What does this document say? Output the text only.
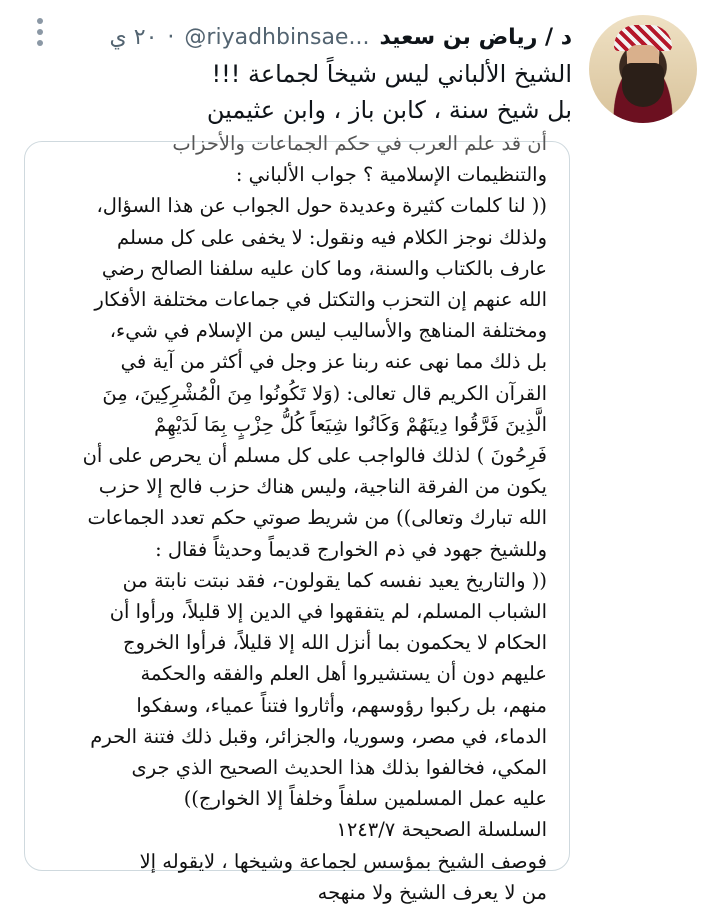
د / رياض بن سعيد
@riyadhbinsae...
·
٢٠ ي
الشيخ الألباني ليس شيخاً لجماعة !!!
بل شيخ سنة ، كابن باز ، وابن عثيمين
أن قد علم العرب في حكم الجماعات والأحزاب
والتنظيمات الإسلامية ؟ جواب الألباني :
(( لنا كلمات كثيرة وعديدة حول الجواب عن هذا السؤال،
ولذلك نوجز الكلام فيه ونقول: لا يخفى على كل مسلم
عارف بالكتاب والسنة، وما كان عليه سلفنا الصالح رضي
الله عنهم إن التحزب والتكتل في جماعات مختلفة الأفكار
ومختلفة المناهج والأساليب ليس من الإسلام في شيء،
بل ذلك مما نهى عنه ربنا عز وجل في أكثر من آية في
القرآن الكريم قال تعالى: (وَلا تَكُونُوا مِنَ الْمُشْرِكِينَ، مِنَ
الَّذِينَ فَرَّقُوا دِينَهُمْ وَكَانُوا شِيَعاً كُلُّ حِزْبٍ بِمَا لَدَيْهِمْ
فَرِحُونَ ) لذلك فالواجب على كل مسلم أن يحرص على أن
يكون من الفرقة الناجية، وليس هناك حزب فالح إلا حزب
الله تبارك وتعالى)) من شريط صوتي حكم تعدد الجماعات
وللشيخ جهود في ذم الخوارج قديماً وحديثاً فقال :
(( والتاريخ يعيد نفسه كما يقولون-، فقد نبتت نابتة من
الشباب المسلم، لم يتفقهوا في الدين إلا قليلاً، ورأوا أن
الحكام لا يحكمون بما أنزل الله إلا قليلاً، فرأوا الخروج
عليهم دون أن يستشيروا أهل العلم والفقه والحكمة
منهم، بل ركبوا رؤوسهم، وأثاروا فتناً عمياء، وسفكوا
الدماء، في مصر، وسوريا، والجزائر، وقبل ذلك فتنة الحرم
المكي، فخالفوا بذلك هذا الحديث الصحيح الذي جرى
عليه عمل المسلمين سلفاً وخلفاً إلا الخوارج))
السلسلة الصحيحة ١٢٤٣/٧
فوصف الشيخ بمؤسس لجماعة وشيخها ، لايقوله إلا
من لا يعرف الشيخ ولا منهجه
